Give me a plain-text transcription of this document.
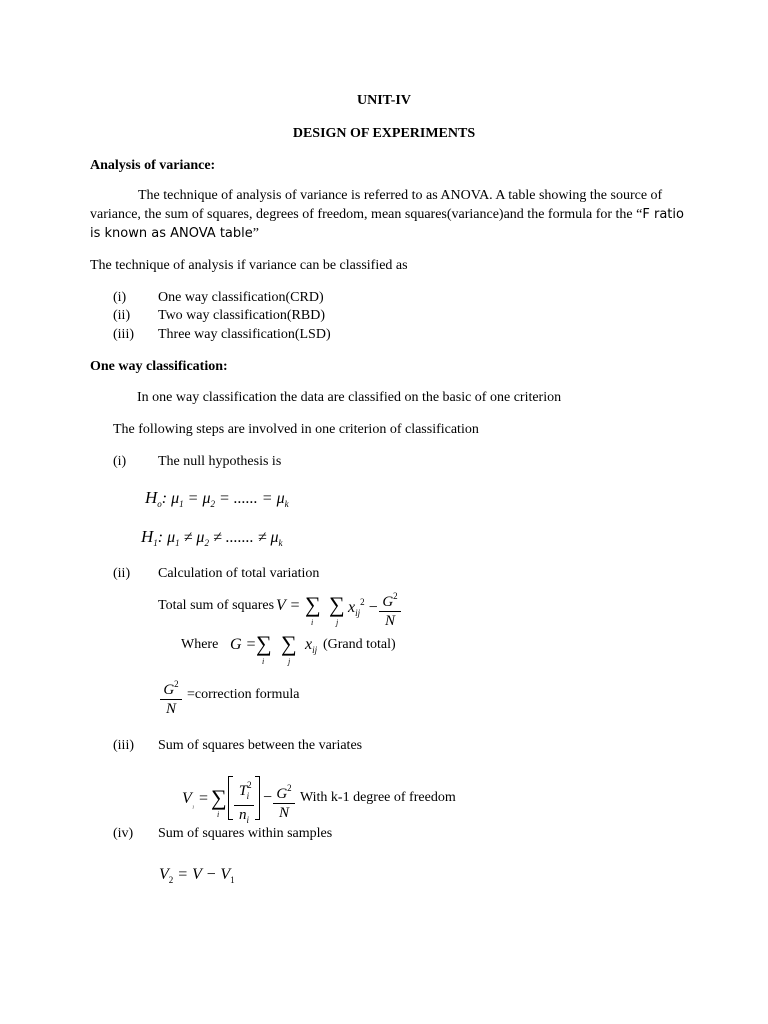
UNIT-IV
DESIGN OF EXPERIMENTS
Analysis of variance:
The technique of analysis of variance is referred to as ANOVA. A table showing the source of
variance, the sum of squares, degrees of freedom, mean squares(variance)and the formula for the “F ratio
is known as ANOVA table”
The technique of analysis if variance can be classified as
(i) One way classification(CRD)
(ii) Two way classification(RBD)
(iii) Three way classification(LSD)
One way classification:
In one way classification the data are classified on the basic of one criterion
The following steps are involved in one criterion of classification
(i) The null hypothesis is
$H_o$: $\mu_1 = \mu_2$ = ...... = $\mu_k$
$H_1$: $\mu_1 \ne \mu_2$ ≠ ....... ≠ $\mu_k$
(ii) Calculation of total variation
Total sum of squares V = ∑
i
∑
j
$x_{ij}^2 - \frac{G^2}{N}$
Where G = ∑
i
∑
j
$x_{ij}$ (Grand total)
$\frac{G^2}{N}$ =correction formula
(iii) Sum of squares between the variates
$V_{_1}$ = ∑
i $\frac{T^2_i}{n_i} - \frac{G^2}{N}$ With k-1 degree of freedom
(iv) Sum of squares within samples
$V_2 = V - V_1$
